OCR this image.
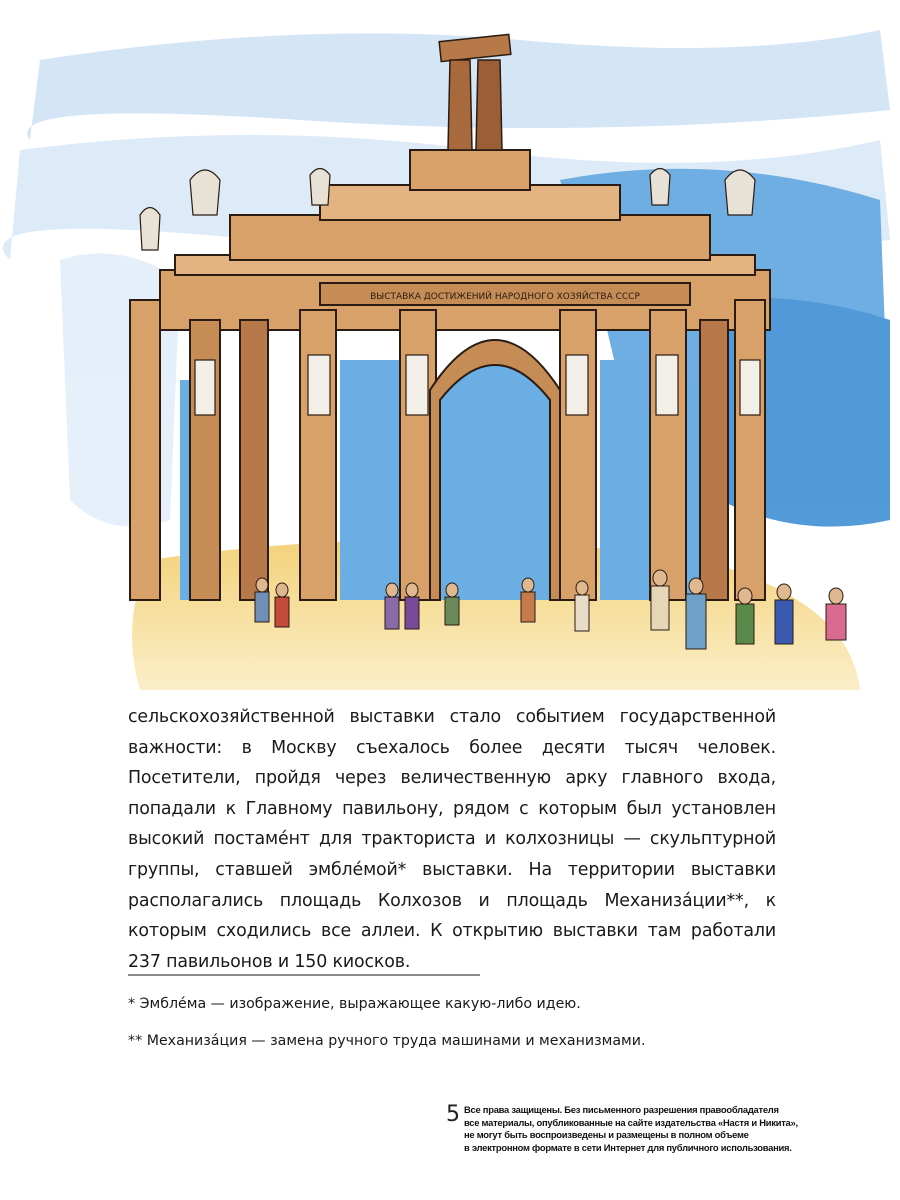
ВЫСТАВКА ДОСТИЖЕНИЙ НАРОДНОГО ХОЗЯЙСТВА СССР

сельскохозяйственной выставки стало событием государственной важности: в Москву съехалось более десяти тысяч человек. Посетители, пройдя через величественную арку главного входа, попадали к Главному павильону, рядом с которым был установлен высокий постамéнт для тракториста и колхозницы — скульптурной группы, ставшей эмблéмой* выставки. На территории выставки располагались площадь Колхозов и площадь Механизáции**, к которым сходились все аллеи. К открытию выставки там работали 237 павильонов и 150 киосков.

* Эмблéма — изображение, выражающее какую-либо идею.

** Механизáция — замена ручного труда машинами и механизмами.

5 Все права защищены. Без письменного разрешения правообладателя
все материалы, опубликованные на сайте издательства «Настя и Никита»,
не могут быть воспроизведены и размещены в полном объеме
в электронном формате в сети Интернет для публичного использования.
